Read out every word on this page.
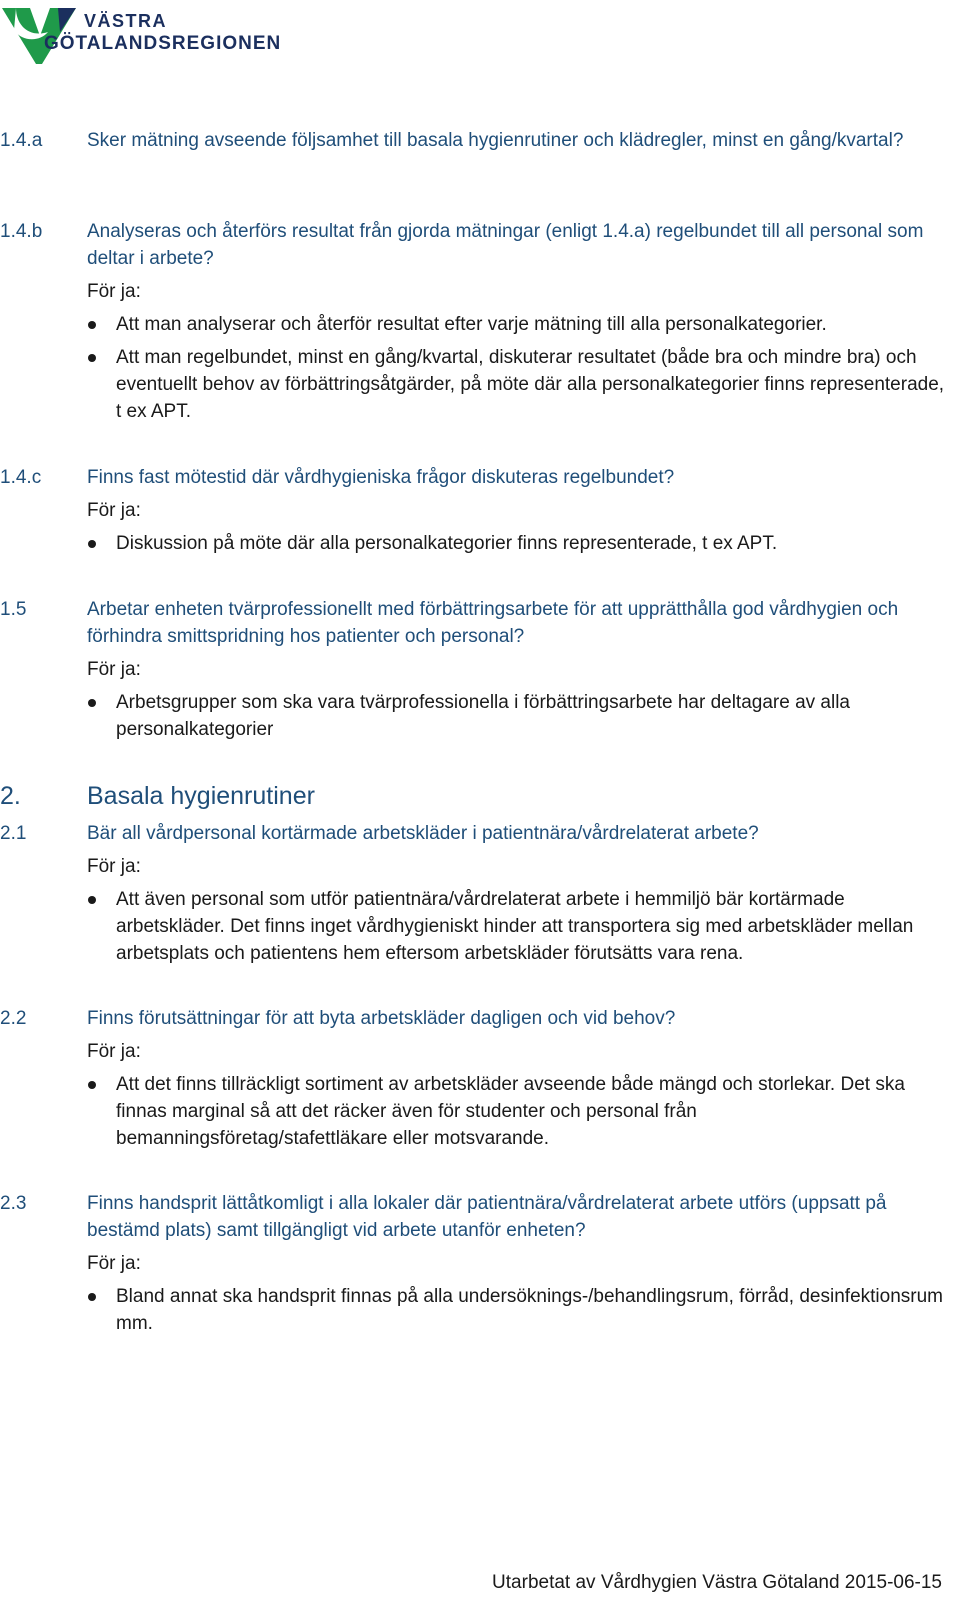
VÄSTRA
GÖTALANDSREGIONEN
1.4.a	Sker mätning avseende följsamhet till basala hygienrutiner och klädregler, minst en gång/kvartal?
1.4.b	Analyseras och återförs resultat från gjorda mätningar (enligt 1.4.a) regelbundet till all personal som deltar i arbete?
För ja:
Att man analyserar och återför resultat efter varje mätning till alla personalkategorier.
Att man regelbundet, minst en gång/kvartal, diskuterar resultatet (både bra och mindre bra) och eventuellt behov av förbättringsåtgärder, på möte där alla personalkategorier finns representerade, t ex APT.
1.4.c	Finns fast mötestid där vårdhygieniska frågor diskuteras regelbundet?
För ja:
Diskussion på möte där alla personalkategorier finns representerade, t ex APT.
1.5	Arbetar enheten tvärprofessionellt med förbättringsarbete för att upprätthålla god vårdhygien och förhindra smittspridning hos patienter och personal?
För ja:
Arbetsgrupper som ska vara tvärprofessionella i förbättringsarbete har deltagare av alla personalkategorier
2.	Basala hygienrutiner
2.1	Bär all vårdpersonal kortärmade arbetskläder i patientnära/vårdrelaterat arbete?
För ja:
Att även personal som utför patientnära/vårdrelaterat arbete i hemmiljö bär kortärmade arbetskläder. Det finns inget vårdhygieniskt hinder att transportera sig med arbetskläder mellan arbetsplats och patientens hem eftersom arbetskläder förutsätts vara rena.
2.2	Finns förutsättningar för att byta arbetskläder dagligen och vid behov?
För ja:
Att det finns tillräckligt sortiment av arbetskläder avseende både mängd och storlekar. Det ska finnas marginal så att det räcker även för studenter och personal från bemanningsföretag/stafettläkare eller motsvarande.
2.3	Finns handsprit lättåtkomligt i alla lokaler där patientnära/vårdrelaterat arbete utförs (uppsatt på bestämd plats) samt tillgängligt vid arbete utanför enheten?
För ja:
Bland annat ska handsprit finnas på alla undersöknings-/behandlingsrum, förråd, desinfektionsrum mm.
Utarbetat av Vårdhygien Västra Götaland 2015-06-15
